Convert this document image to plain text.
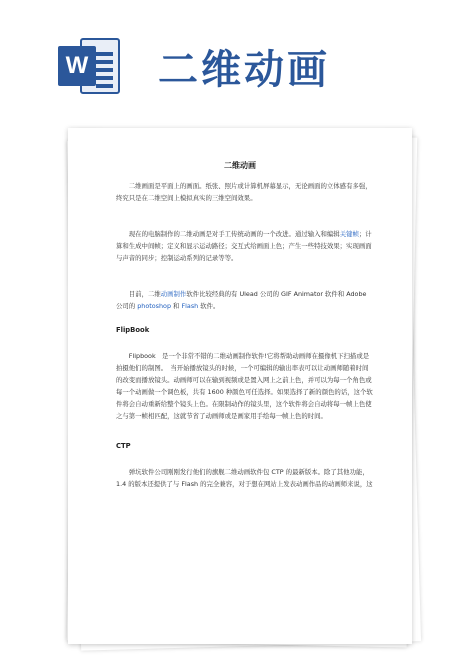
W 二维动画
二维动画

二维画面是平面上的画面。纸张、照片或计算机屏幕显示，无论画面的立体感有多强，终究只是在二维空间上模拟真实的三维空间效果。

现在的电脑制作的二维动画是对手工传统动画的一个改进。通过输入和编辑关键帧；计算和生成中间帧；定义和显示运动路径；交互式给画面上色；产生一些特技效果；实现画面与声音的同步；控制运动系列的记录等等。

目前，二维动画制作软件比较经典的有 Ulead 公司的 GIF Animator 软件和 Adobe 公司的 photoshop 和 Flash 软件。

FlipBook

Flipbook　是一个非常不错的二维动画制作软件!它将帮助动画师在摄像机下扫描或是拍摄他们的制图。　当开始播放镜头的时候，一个可编辑的输出率表可以让动画师随着时间的改变而播放镜头。动画师可以在输到视频或是置入网上之前上色，并可以为每一个角色或每一个动画做一个调色板，共有 1600 种颜色可任选择。如果选择了新的颜色的话，这个软件将会自动重新给整个镜头上色。在限制动作的镜头里，这个软件将会自动将每一帧上色使之与第一帧相匹配，这就节省了动画师或是画家用手绘每一帧上色的时间。

CTP

弹坑软件公司刚刚发行他们的旗舰二维动画软件包 CTP 的最新版本。除了其他功能，1.4 的版本还提供了与 Flash 的完全兼容，对于想在网站上发表动画作品的动画师来说，这
